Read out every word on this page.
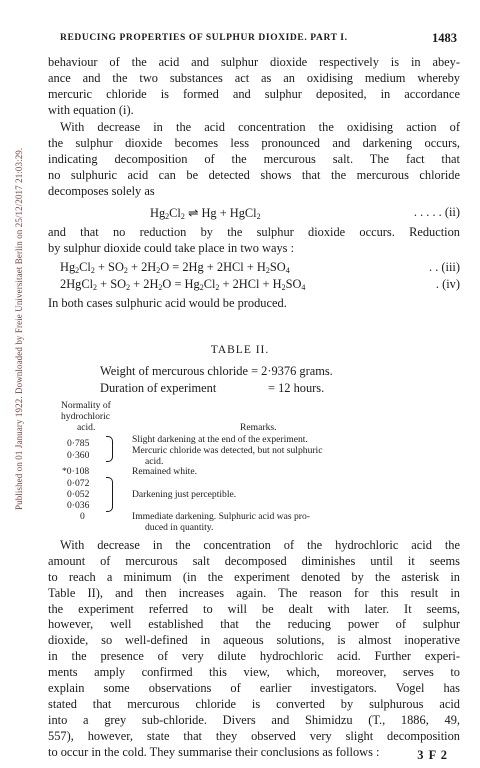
Published on 01 January 1922. Downloaded by Freie Universitaet Berlin on 25/12/2017 21:03:29.
REDUCING PROPERTIES OF SULPHUR DIOXIDE. PART I.	1483
behaviour of the acid and sulphur dioxide respectively is in abey-
ance and the two substances act as an oxidising medium whereby
mercuric chloride is formed and sulphur deposited, in accordance
with equation (i).
With decrease in the acid concentration the oxidising action of
the sulphur dioxide becomes less pronounced and darkening occurs,
indicating decomposition of the mercurous salt. The fact that
no sulphuric acid can be detected shows that the mercurous chloride
decomposes solely as
$Hg_2Cl_2$ ⇌ Hg + HgCl$_2$	. . . . . (ii)
and that no reduction by the sulphur dioxide occurs. Reduction
by sulphur dioxide could take place in two ways :
$Hg_2Cl_2 + SO_2 + 2H_2O = 2Hg + 2HCl + H_2SO_4$	. . (iii)
2HgCl$_2$ + $SO_2 + 2H_2O = Hg_2Cl_2 + 2HCl + H_2SO_4$	. (iv)
In both cases sulphuric acid would be produced.
TABLE II.
Weight of mercurous chloride = 2·9376 grams.
Duration of experiment	= 12 hours.
Normality of
hydrochloric
acid.	Remarks.
0·785	Slight darkening at the end of the experiment.
0·360	Mercuric chloride was detected, but not sulphuric
acid.
*0·108	Remained white.
0·072
0·052	Darkening just perceptible.
0·036
0	Immediate darkening. Sulphuric acid was pro-
duced in quantity.
With decrease in the concentration of the hydrochloric acid the
amount of mercurous salt decomposed diminishes until it seems
to reach a minimum (in the experiment denoted by the asterisk in
Table II), and then increases again. The reason for this result in
the experiment referred to will be dealt with later. It seems,
however, well established that the reducing power of sulphur
dioxide, so well-defined in aqueous solutions, is almost inoperative
in the presence of very dilute hydrochloric acid. Further experi-
ments amply confirmed this view, which, moreover, serves to
explain some observations of earlier investigators. Vogel has
stated that mercurous chloride is converted by sulphurous acid
into a grey sub-chloride. Divers and Shimidzu (T., 1886, 49,
557), however, state that they observed very slight decomposition
to occur in the cold. They summarise their conclusions as follows :	3 F 2
